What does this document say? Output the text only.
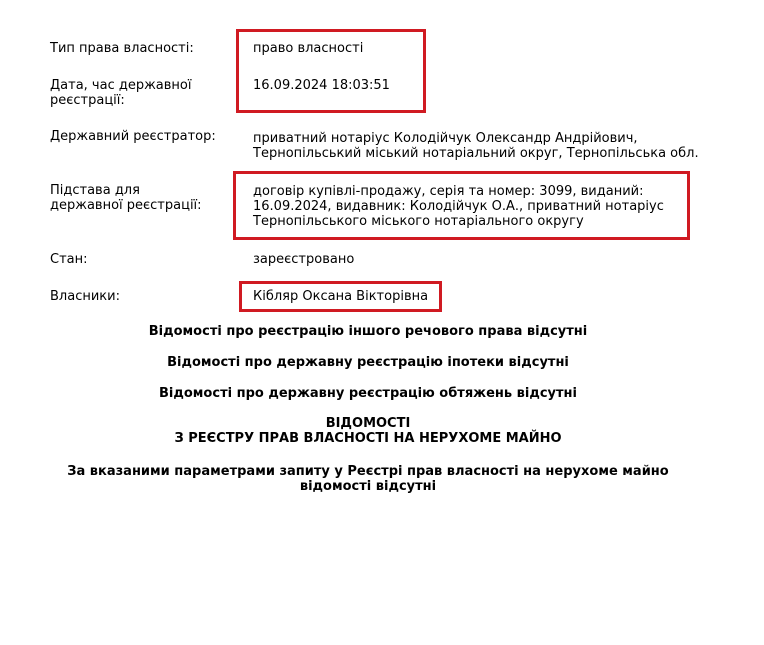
Тип права власності:	право власності
Дата, час державної
реєстрації:
16.09.2024 18:03:51
Державний реєстратор:	приватний нотаріус Колодійчук Олександр Андрійович,
Тернопільський міський нотаріальний округ, Тернопільська обл.
Підстава для
державної реєстрації:
договір купівлі-продажу, серія та номер: 3099, виданий:
16.09.2024, видавник: Колодійчук О.А., приватний нотаріус
Тернопільського міського нотаріального округу
Стан:	зареєстровано
Власники:	Кібляр Оксана Вікторівна
Відомості про реєстрацію іншого речового права відсутні
Відомості про державну реєстрацію іпотеки відсутні
Відомості про державну реєстрацію обтяжень відсутні
ВІДОМОСТІ
З РЕЄСТРУ ПРАВ ВЛАСНОСТІ НА НЕРУХОМЕ МАЙНО
За вказаними параметрами запиту у Реєстрі прав власності на нерухоме майно
відомості відсутні
